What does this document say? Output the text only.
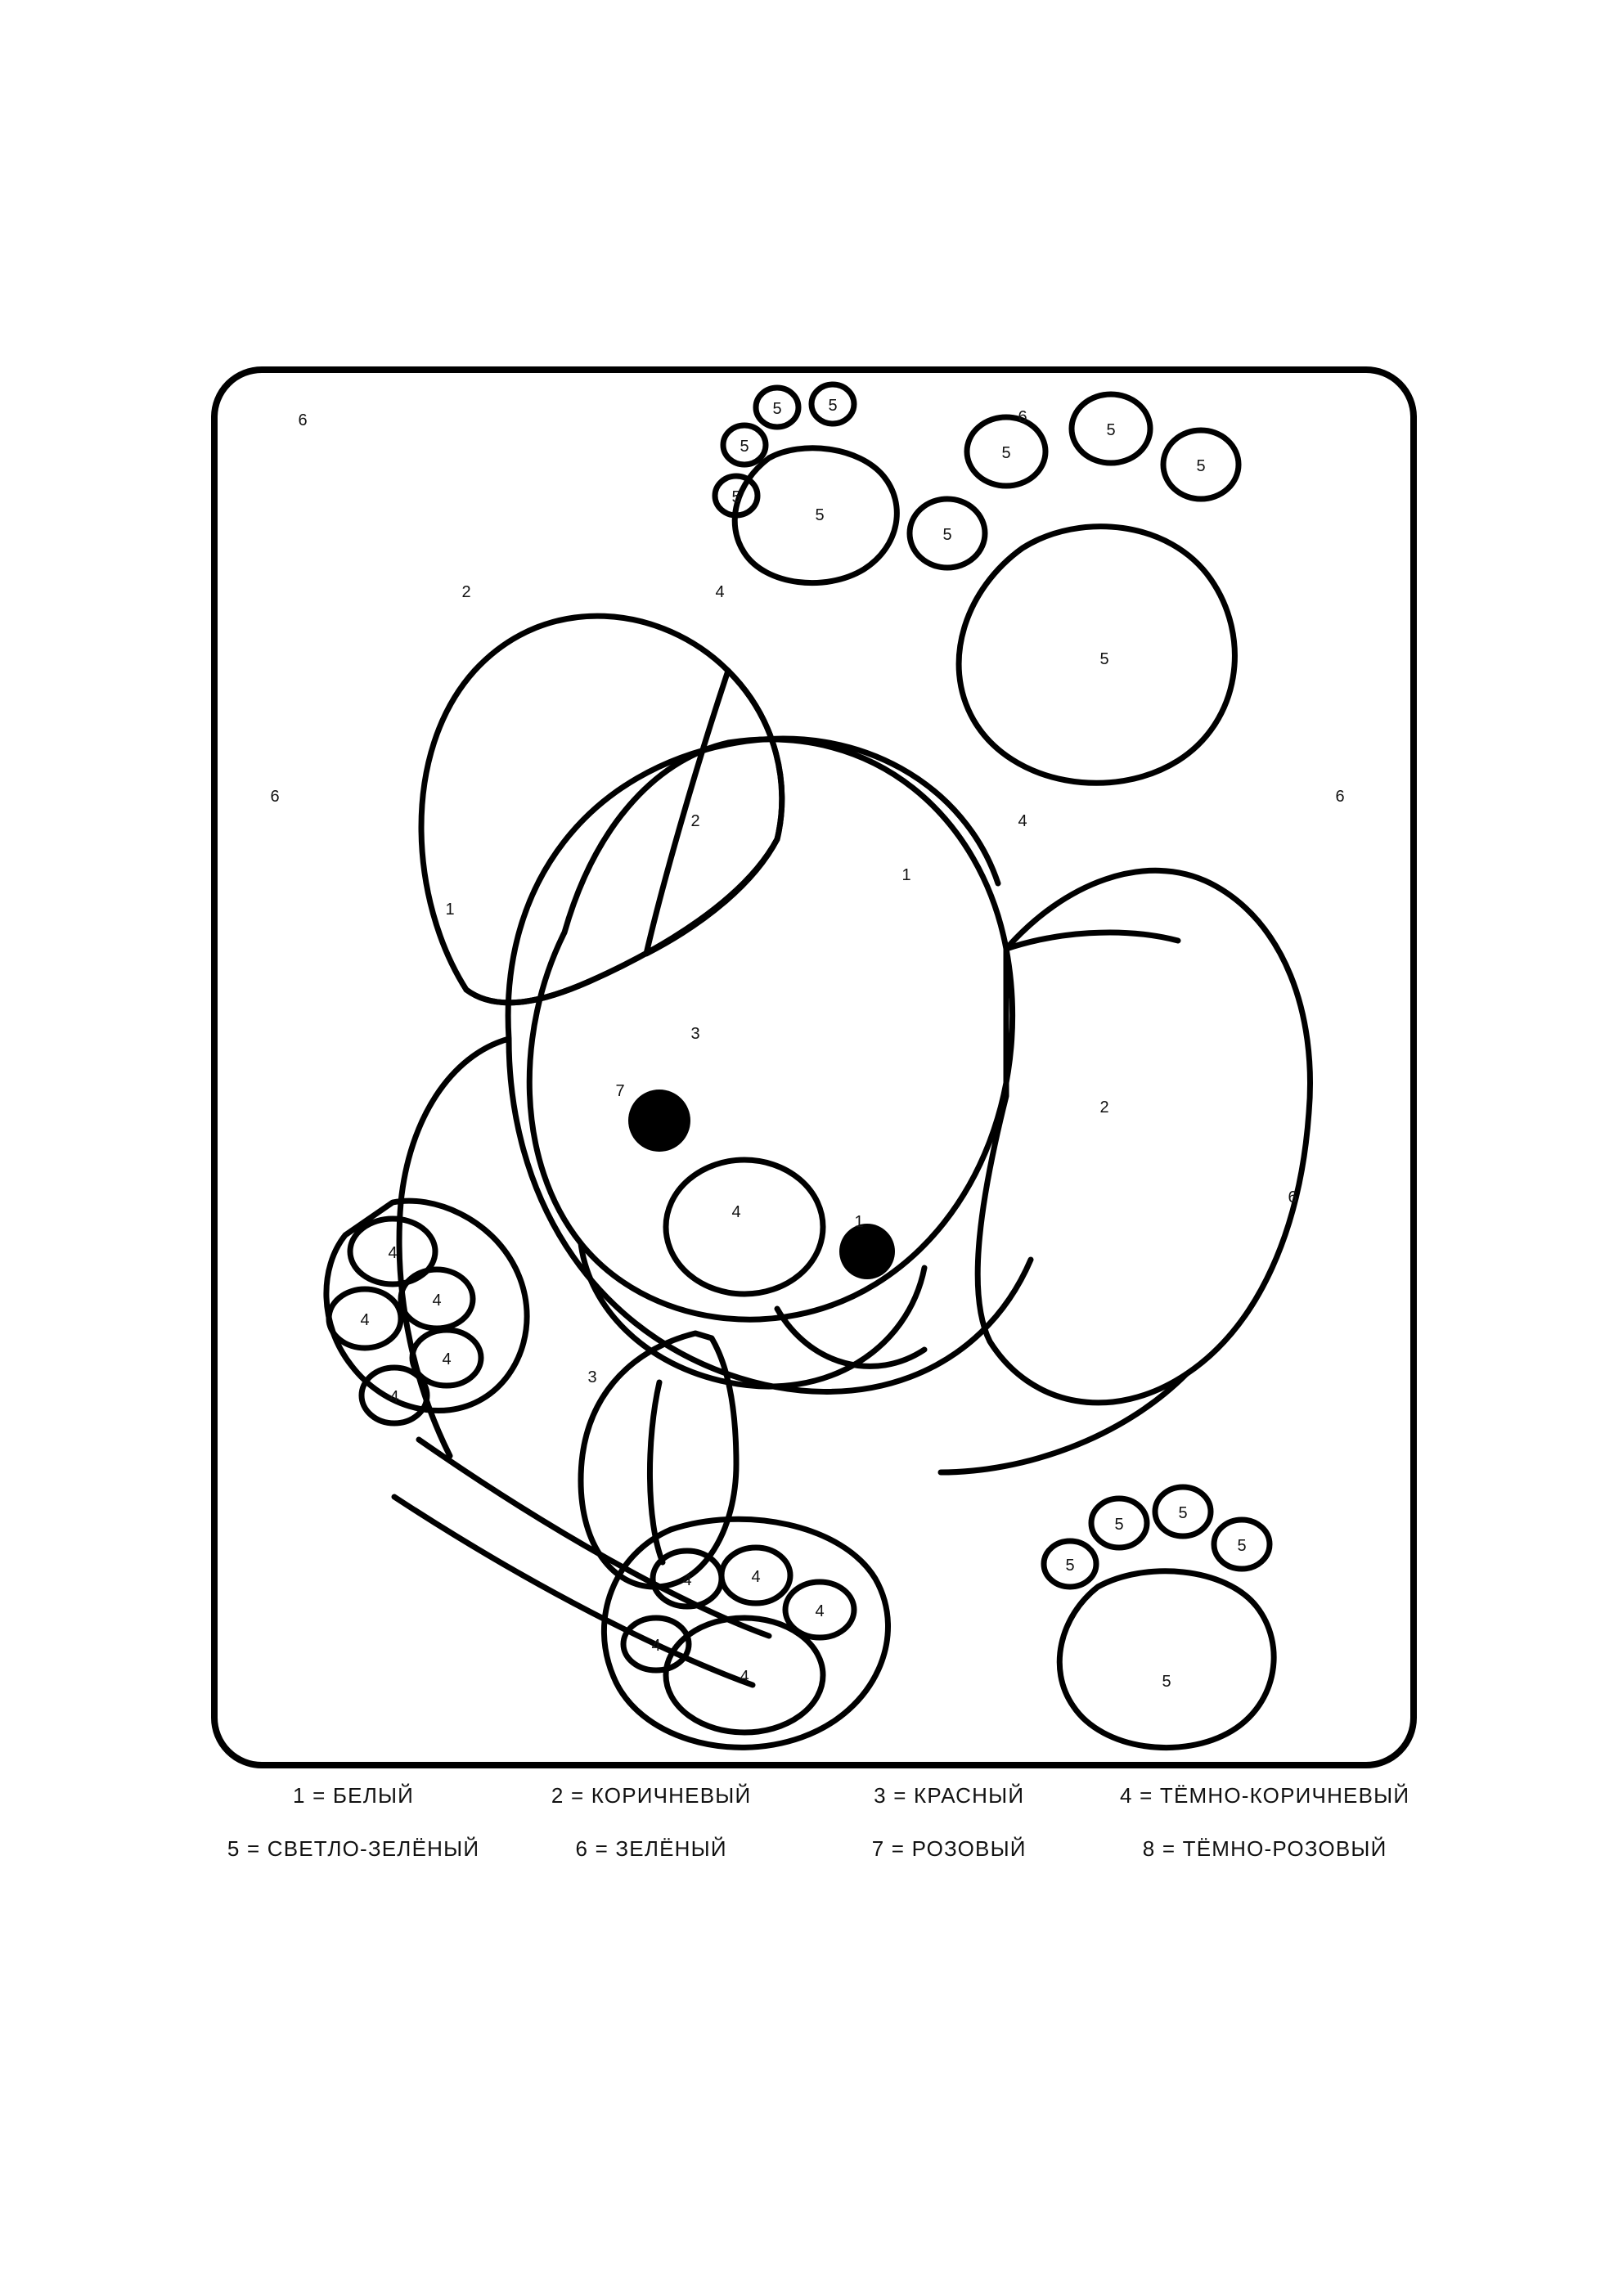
6	6
6	6
6
2	4
2	4
2
1
4
1
3
7
1
3
4
4
4
4
4
4	4
4
4
4
5	5
5
5
5
5
5
5
5
5
5
5
5
5
5
1 = БЕЛЫЙ	2 = КОРИЧНЕВЫЙ	3 = КРАСНЫЙ	4 = ТЁМНО-КОРИЧНЕВЫЙ
5 = СВЕТЛО-ЗЕЛЁНЫЙ	6 = ЗЕЛЁНЫЙ	7 = РОЗОВЫЙ	8 = ТЁМНО-РОЗОВЫЙ
